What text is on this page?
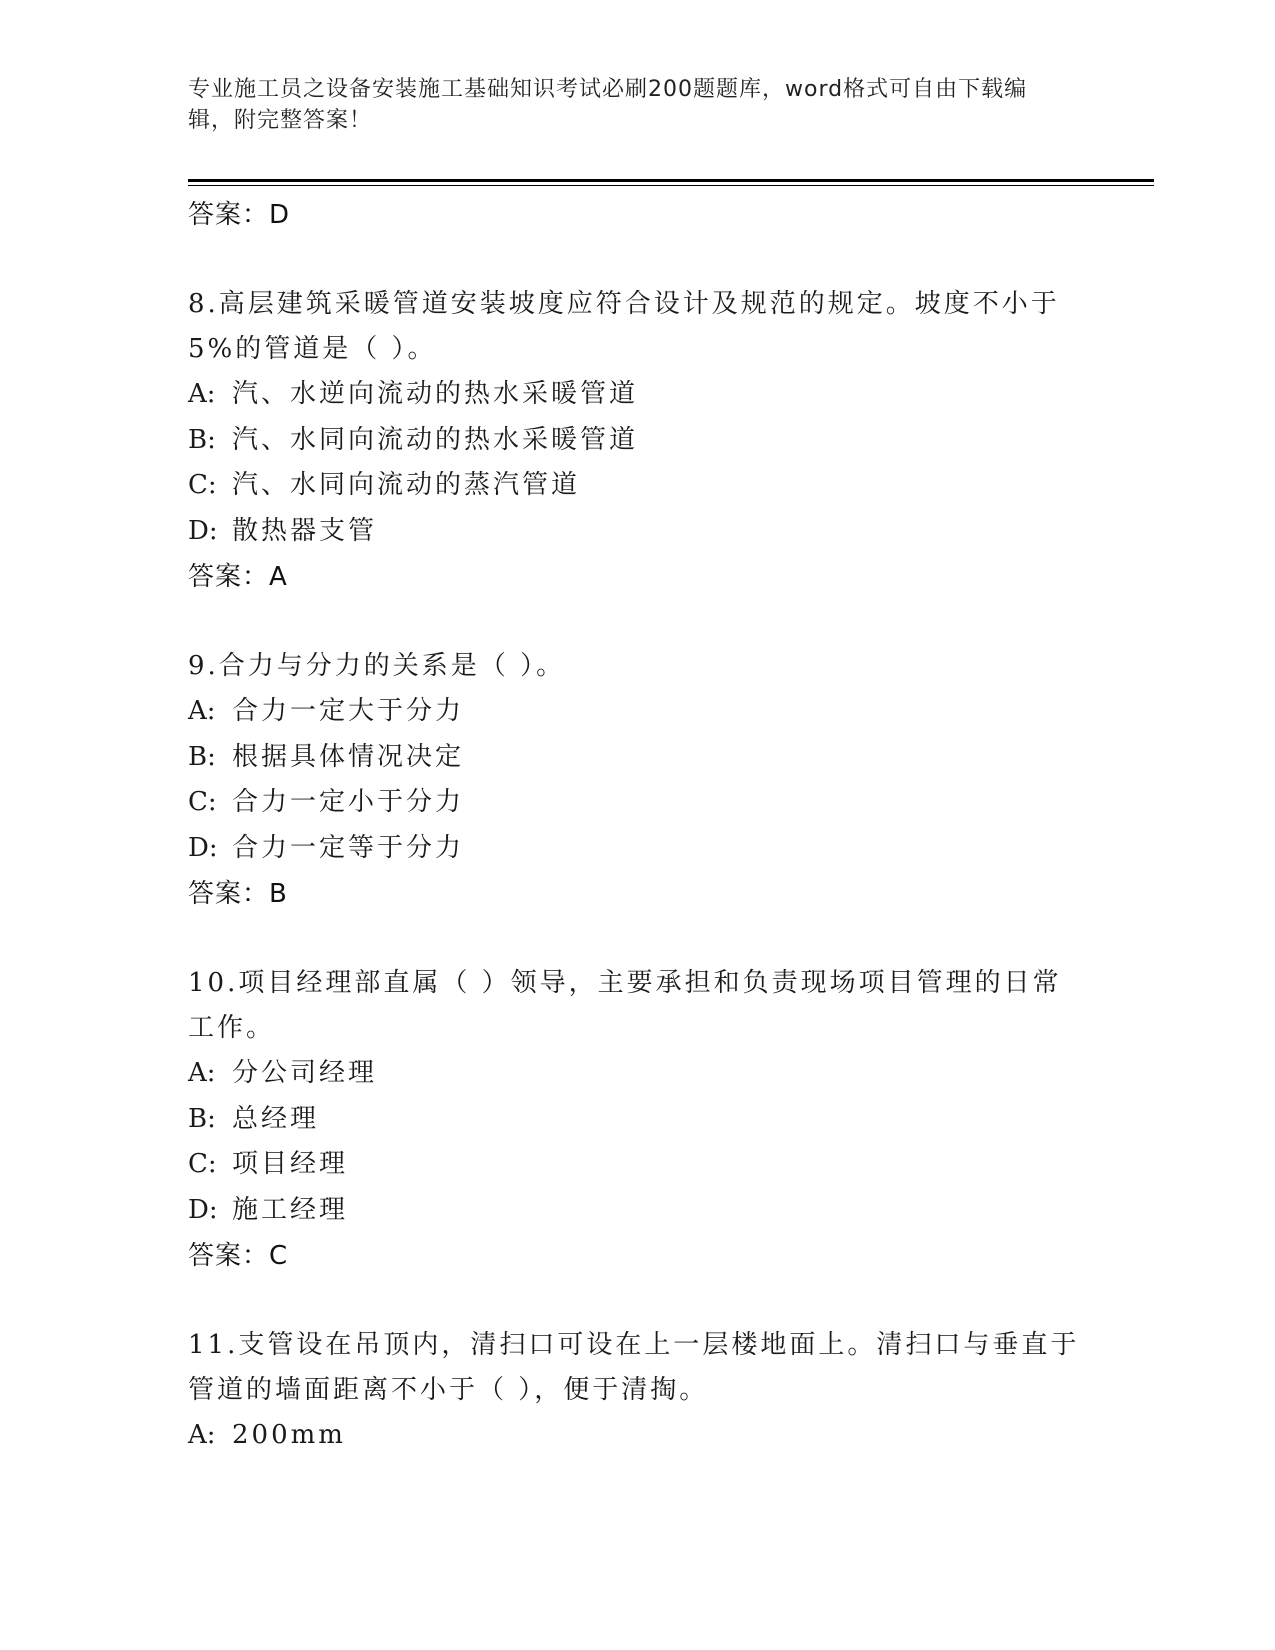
专业施工员之设备安装施工基础知识考试必刷200题题库，word格式可自由下载编辑，附完整答案！
答案：D
8.高层建筑采暖管道安装坡度应符合设计及规范的规定。坡度不小于5%的管道是（ ）。
A: 汽、水逆向流动的热水采暖管道
B: 汽、水同向流动的热水采暖管道
C: 汽、水同向流动的蒸汽管道
D: 散热器支管
答案：A
9.合力与分力的关系是（ ）。
A: 合力一定大于分力
B: 根据具体情况决定
C: 合力一定小于分力
D: 合力一定等于分力
答案：B
10.项目经理部直属（ ）领导，主要承担和负责现场项目管理的日常工作。
A: 分公司经理
B: 总经理
C: 项目经理
D: 施工经理
答案：C
11.支管设在吊顶内，清扫口可设在上一层楼地面上。清扫口与垂直于管道的墙面距离不小于（ ），便于清掏。
A: 200mm
